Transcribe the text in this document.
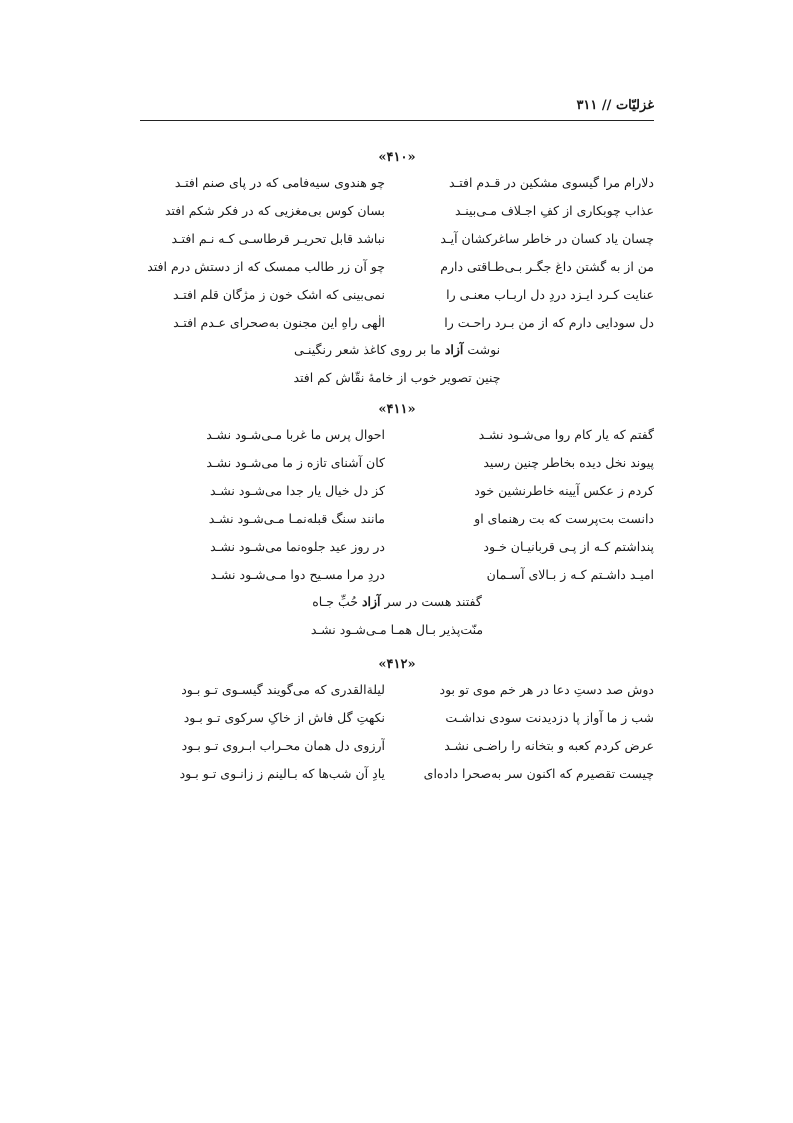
غزلیّات // ۳۱۱
«۴۱۰»
دلارام مرا گیسوی مشکین در قـدم افتـد
چو هندوی سیه‌فامی که در پای صنم افتـد
عذابِ چوبکاری از کفِ اجـلاف مـی‌بینـد
بسان کوس بی‌مغزیی که در فکر شکم افتد
چسان یاد کسان در خاطر ساغرکشان آیـد
نباشد قابلِ تحریـر قرطاسـی کـه نـم افتـد
من از به گشتن داغِ جگـر بـی‌طـاقتی دارم
چو آن زر طالب ممسک که از دستش درم افتد
عنایت کـرد ایـزد دردِ دل اربـاب معنـی را
نمی‌بینی که اشک خون ز مژگانِ قلم افتـد
دل سودایی دارم که از من بـرد راحـت را
الٰهی راهِ این مجنون به‌صحرای عـدم افتـد
نوشت آزاد ما بر روی کاغذ شعر رنگینـی
چنین تصویر خوب از خامهٔ نقّاش کم افتد
«۴۱۱»
گفتم که یار کام روا می‌شـود نشـد
احوال پرس ما غربا مـی‌شـود نشـد
پیوند نخل دیده بخاطر چنین رسید
کان آشنای تازه ز ما می‌شـود نشـد
کردم ز عکس آیینه خاطرنشین خود
کز دل خیال یار جدا می‌شـود نشـد
دانست بت‌پرست که بت رهنمای او
مانند سنگ قبله‌نمـا مـی‌شـود نشـد
پنداشتم کـه از پـی قربانیـانِ خـود
در روز عید جلوه‌نما می‌شـود نشـد
امیـد داشـتم کـه ز بـالای آسـمان
دردِ مرا مسـیح دوا مـی‌شـود نشـد
گفتند هست در سر آزاد حُبِّ جـاه
منّت‌پذیر بـال همـا مـی‌شـود نشـد
«۴۱۲»
دوش صد دستِ دعا در هر خم موی تو بود
لیلةالقدری که می‌گویند گیسـوی تـو بـود
شب ز ما آواز پا دزدیدنت سودی نداشـت
نکهتِ گل فاش از خاکِ سرکوی تـو بـود
عرض کردم کعبه و بتخانه را راضـی نشـد
آرزوی دل همان محـراب ابـروی تـو بـود
چیست تقصیرم که اکنون سر به‌صحرا داده‌ای
یادِ آن شب‌ها که بـالینم ز زانـوی تـو بـود
